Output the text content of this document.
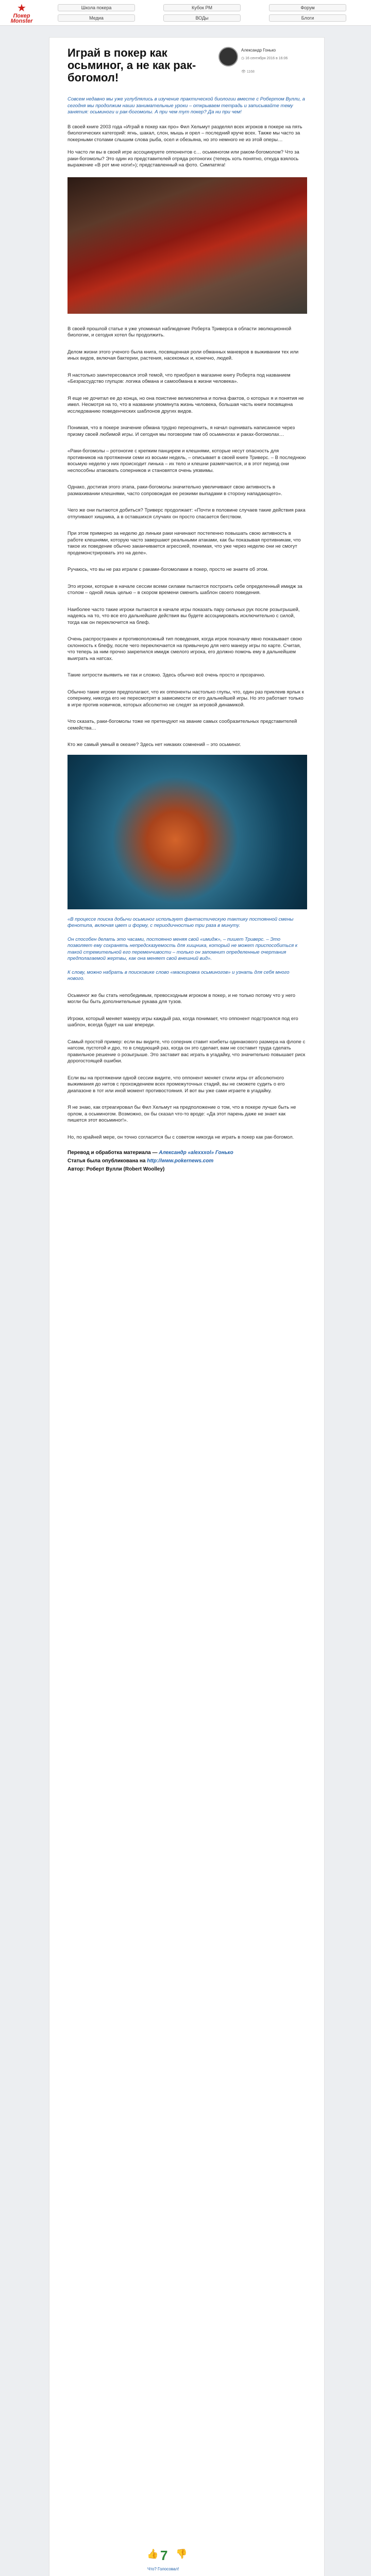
★
Покер
Monster
Школа покера	Кубок PM	Форум
Медиа	ВОДы	Блоги
Играй в покер как осьминог, а не как рак-богомол!
Александр Гонько
◷ 16 сентября 2016 в 16:06
👁 1168
Совсем недавно мы уже углублялись в изучение практической биологии вместе с Робертом Вулли, а сегодня мы продолжим наши занимательные уроки – открываем тетрадь и записывайте тему занятия: осьминоги и рак-богомолы. А при чем тут покер? Да ни при чем!

В своей книге 2003 года «Играй в покер как про» Фил Хельмут разделял всех игроков в покере на пять биологических категорий: ягнь, шакал, слон, мышь и орел – последний круче всех. Также мы часто за покерными столами слышим слова рыба, осел и обезьяна, но это немного не из этой оперы…

Но часто ли вы в своей игре ассоциируете оппонентов с… осьминогом или раком-богомолом? Что за раки-богомолы? Это один из представителей отряда ротоногих (теперь хоть понятно, откуда взялось выражение «В рот мне ноги!»); представленный на фото. Симпатяга!

В своей прошлой статье я уже упоминал наблюдение Роберта Триверса в области эволюционной биологии, и сегодня хотел бы продолжить.

Делом жизни этого ученого была книга, посвященная роли обманных маневров в выживании тех или иных видов, включая бактерии, растения, насекомых и, конечно, людей.

Я настолько заинтересовался этой темой, что приобрел в магазине книгу Роберта под названием «Безрассудство глупцов: логика обмана и самообмана в жизни человека».

Я еще не дочитал ее до конца, но она поистине великолепна и полна фактов, о которых я и понятия не имел. Несмотря на то, что в названии упомянута жизнь человека, большая часть книги посвящена исследованию поведенческих шаблонов других видов.

Понимая, что в покере значение обмана трудно переоценить, я начал оценивать написанное через призму своей любимой игры. И сегодня мы поговорим там об осьминогах и раках-богомолах…

«Раки-богомолы – ротоногие с крепким панцирем и клешнями, которые несут опасность для противников на протяжении семи из восьми недель, – описывает в своей книге Триверс. – В последнюю восьмую неделю у них происходит линька – их тело и клешни размягчаются, и в этот период они неспособны атаковать соперников и становятся очень уязвимы.

Однако, достигая этого этапа, раки-богомолы значительно увеличивают свою активность в размахивании клешнями, часто сопровождая ее резкими выпадами в сторону нападающего».

Чего же они пытаются добиться? Триверс продолжает: «Почти в половине случаев такие действия рака отпугивают хищника, а в оставшихся случаях он просто спасается бегством.

При этом примерно за неделю до линьки раки начинают постепенно повышать свою активность в работе клешнями, которую часто завершают реальными атаками, как бы показывая противникам, что такое их поведение обычно заканчивается агрессией, понимая, что уже через неделю они не смогут продемонстрировать это на деле».

Ручаюсь, что вы не раз играли с раками-богомолами в покер, просто не знаете об этом.

Это игроки, которые в начале сессии всеми силами пытаются построить себе определенный имидж за столом – одной лишь целью – в скором времени сменить шаблон своего поведения.

Наиболее часто такие игроки пытаются в начале игры показать пару сильных рук после розыгрышей, надеясь на то, что все его дальнейшие действия вы будете ассоциировать исключительно с силой, тогда как он переключится на блеф.

Очень распространен и противоположный тип поведения, когда игрок поначалу явно показывает свою склонность к блефу, после чего переключается на привычную для него манеру игры по карте. Считая, что теперь за ним прочно закрепился имидж смелого игрока, его должно помочь ему в дальнейшем выиграть на натсах.

Такие хитрости выявить не так и сложно. Здесь обычно всё очень просто и прозрачно.

Обычно такие игроки предполагают, что их оппоненты настолько глупы, что, один раз приклеив ярлык к сопернику, никогда его не пересмотрят в зависимости от его дальнейшей игры. Но это работает только в игре против новичков, которых абсолютно не следят за игровой динамикой.

Что сказать, раки-богомолы тоже не претендуют на звание самых сообразительных представителей семейства…

Кто же самый умный в океане? Здесь нет никаких сомнений – это осьминог.

«В процессе поиска добычи осьминог использует фантастическую тактику постоянной смены фенотипа, включая цвет и форму, с периодичностью три раза в минуту.
Он способен делать это часами, постоянно меняя свой «имидж», – пишет Триверс. – Это позволяет ему сохранять непредсказуемость для хищника, который не может приспособиться к такой стремительной его переменчивости – только он запомнит определенные очертания предполагаемой жертвы, как она меняет свой внешний вид».
К слову, можно набрать в поисковике слово «маскировка осьминогов» и узнать для себя много нового.

Осьминог же бы стать непобедимым, превосходным игроком в покер, и не только потому что у него могли бы быть дополнительные рукава для тузов.

Игроки, который меняет манеру игры каждый раз, когда понимает, что оппонент подстроился под его шаблон, всегда будет на шаг впереди.

Самый простой пример: если вы видите, что соперник ставит коибеты одинакового размера на флопе с натсом, пустотой и дро, то в следующий раз, когда он это сделает, вам не составит труда сделать правильное решение о розыгрыше. Это заставит вас играть в угадайку, что значительно повышает риск дорогостоящей ошибки.

Если вы на протяжении одной сессии видите, что оппонент меняет стили игры от абсолютного выжимания до нитов с прохождением всех промежуточных стадий, вы не сможете судить о его диапазоне в тот или иной момент противостояния. И вот вы уже сами играете в угадайку.

Я не знаю, как отреагировал бы Фил Хельмут на предположение о том, что в покере лучше быть не орлом, а осьминогом. Возможно, он бы сказал что-то вроде: «Да этот парень даже не знает как пишется этот восьминог!».

Но, по крайней мере, он точно согласится бы с советом никогда не играть в покер как рак-богомол.

Перевод и обработка материала — Александр «alexxxol» Гонько
Статья была опубликована на http://www.pokernews.com
Автор: Роберт Вулли (Robert Woolley)
👍 7 👎
Что? Голосовал!
